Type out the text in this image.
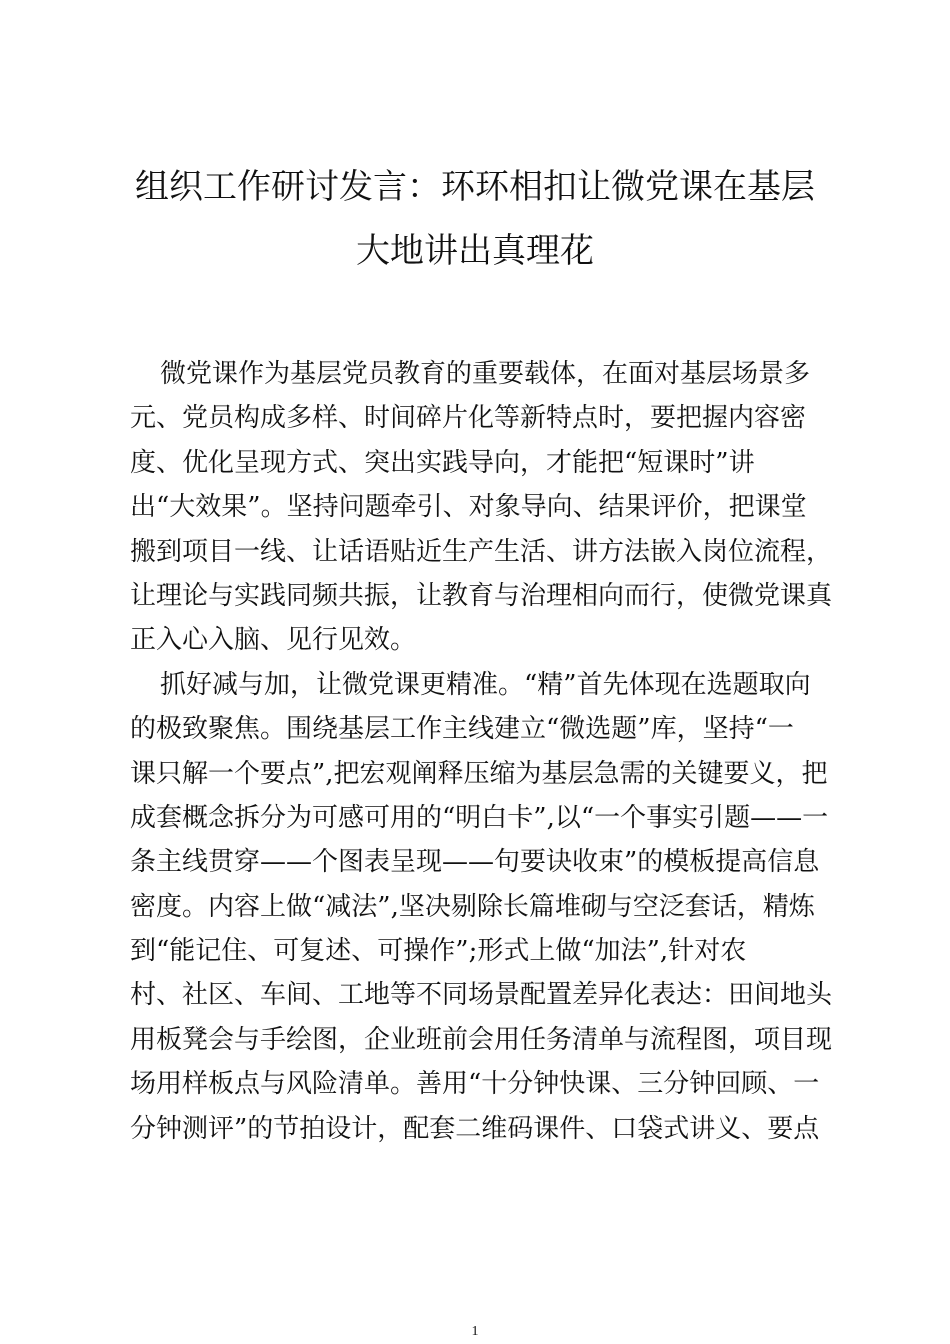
组织工作研讨发言：环环相扣让微党课在基层
大地讲出真理花
微党课作为基层党员教育的重要载体，在面对基层场景多
元、党员构成多样、时间碎片化等新特点时，要把握内容密
度、优化呈现方式、突出实践导向，才能把“短课时”讲
出“大效果”。坚持问题牵引、对象导向、结果评价，把课堂
搬到项目一线、让话语贴近生产生活、讲方法嵌入岗位流程，
让理论与实践同频共振，让教育与治理相向而行，使微党课真
正入心入脑、见行见效。
抓好减与加，让微党课更精准。“精”首先体现在选题取向
的极致聚焦。围绕基层工作主线建立“微选题”库，坚持“一
课只解一个要点”,把宏观阐释压缩为基层急需的关键要义，把
成套概念拆分为可感可用的“明白卡”,以“一个事实引题——一
条主线贯穿——个图表呈现——句要诀收束”的模板提高信息
密度。内容上做“减法”,坚决剔除长篇堆砌与空泛套话，精炼
到“能记住、可复述、可操作”;形式上做“加法”,针对农
村、社区、车间、工地等不同场景配置差异化表达：田间地头
用板凳会与手绘图，企业班前会用任务清单与流程图，项目现
场用样板点与风险清单。善用“十分钟快课、三分钟回顾、一
分钟测评”的节拍设计，配套二维码课件、口袋式讲义、要点
1
